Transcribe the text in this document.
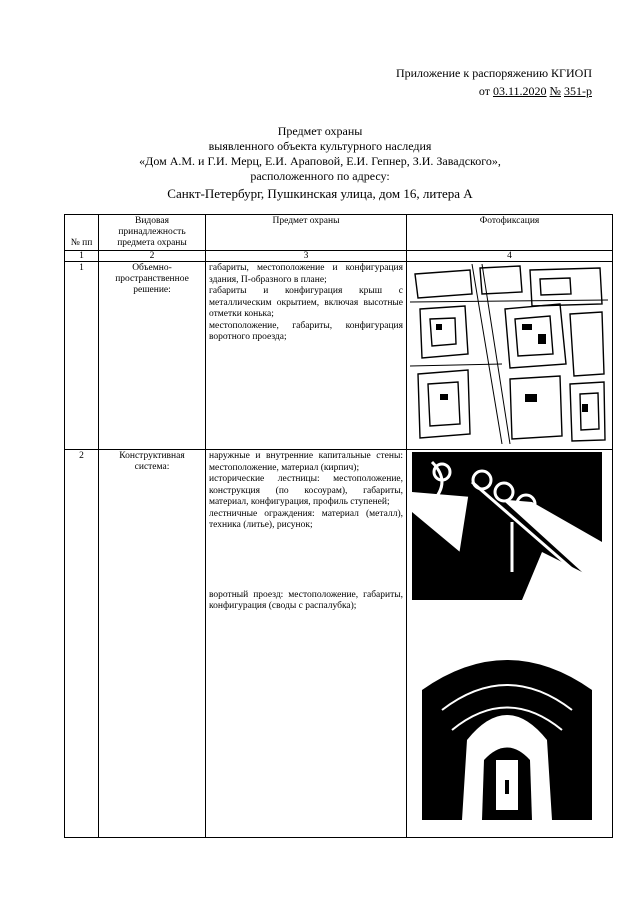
Приложение к распоряжению КГИОП
от 03.11.2020 № 351-р
Предмет охраны
выявленного объекта культурного наследия
«Дом А.М. и Г.И. Мерц, Е.И. Араповой, Е.И. Гепнер, З.И. Завадского»,
расположенного по адресу:
Санкт-Петербург, Пушкинская улица, дом 16, литера А
№ пп	Видовая принадлежность предмета охраны	Предмет охраны	Фотофиксация
1	2	3	4
1	Объемно-пространственное решение:	габариты, местоположение и конфигурация здания, П-образного в плане;

габариты и конфигурация крыш с металлическим окрытием, включая высотные отметки конька;

местоположение, габариты, конфигурация воротного проезда;

2	Конструктивная система:	наружные и внутренние капитальные стены: местоположение, материал (кирпич);

исторические лестницы: местоположение, конструкция (по косоурам), габариты, материал, конфигурация, профиль ступеней;

лестничные ограждения: материал (металл), техника (литье), рисунок;

воротный проезд: местоположение, габариты, конфигурация (своды с распалубка);
